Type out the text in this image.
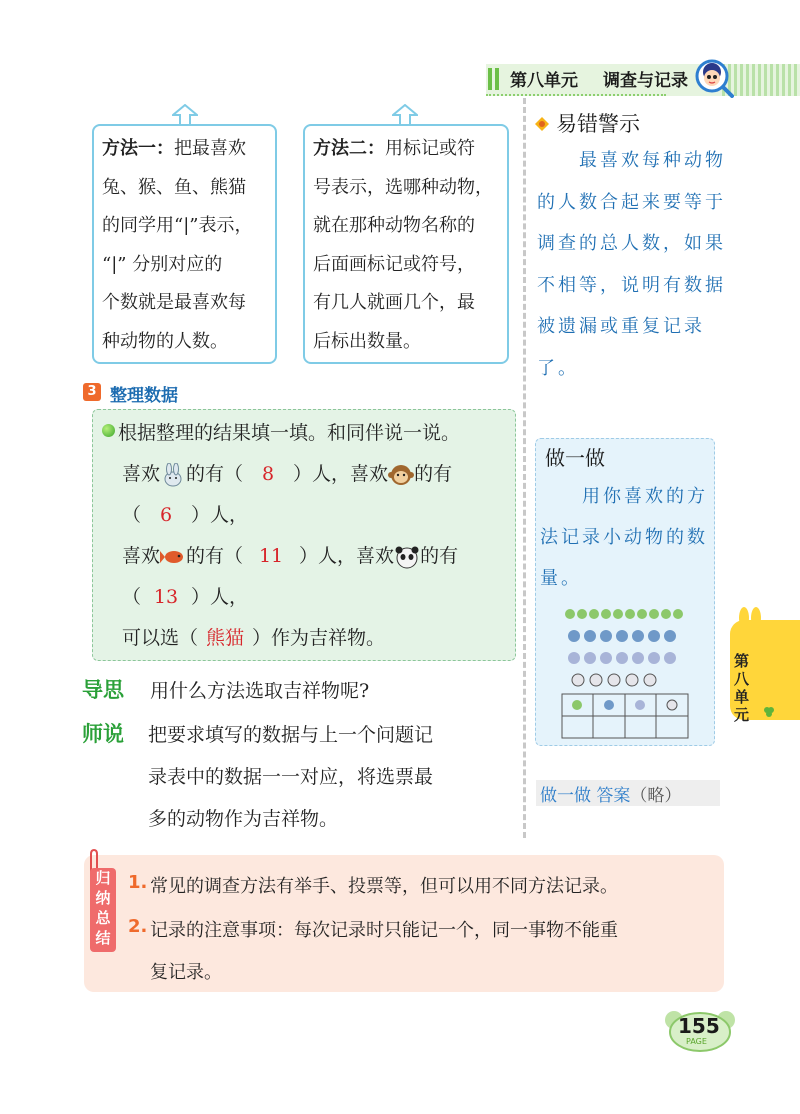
第八单元 调查与记录
方法一：把最喜欢
兔、猴、鱼、熊猫
的同学用“|”表示，
“|” 分别对应的
个数就是最喜欢每
种动物的人数。
方法二：用标记或符
号表示，选哪种动物，
就在那种动物名称的
后面画标记或符号，
有几人就画几个，最
后标出数量。
易错警示
　　最喜欢每种动物的人数合起来要等于调查的总人数，如果不相等，说明有数据被遗漏或重复记录了。
3 整理数据
根据整理的结果填一填。和同伴说一说。
喜欢 的有（ 8 ）人，喜欢 的有
（ 6 ）人，
喜欢 的有（ 11 ）人，喜欢 的有
（ 13 ）人，
可以选（ 熊猫 ）作为吉祥物。
导思 用什么方法选取吉祥物呢?
师说 把要求填写的数据与上一个问题记
录表中的数据一一对应，将选票最
多的动物作为吉祥物。
做一做
　　用你喜欢的方法记录小动物的数量。
做一做 答案（略）
第八单元
归纳总结
1. 常见的调查方法有举手、投票等，但可以用不同方法记录。
2. 记录的注意事项：每次记录时只能记一个，同一事物不能重
复记录。
155
PAGE
